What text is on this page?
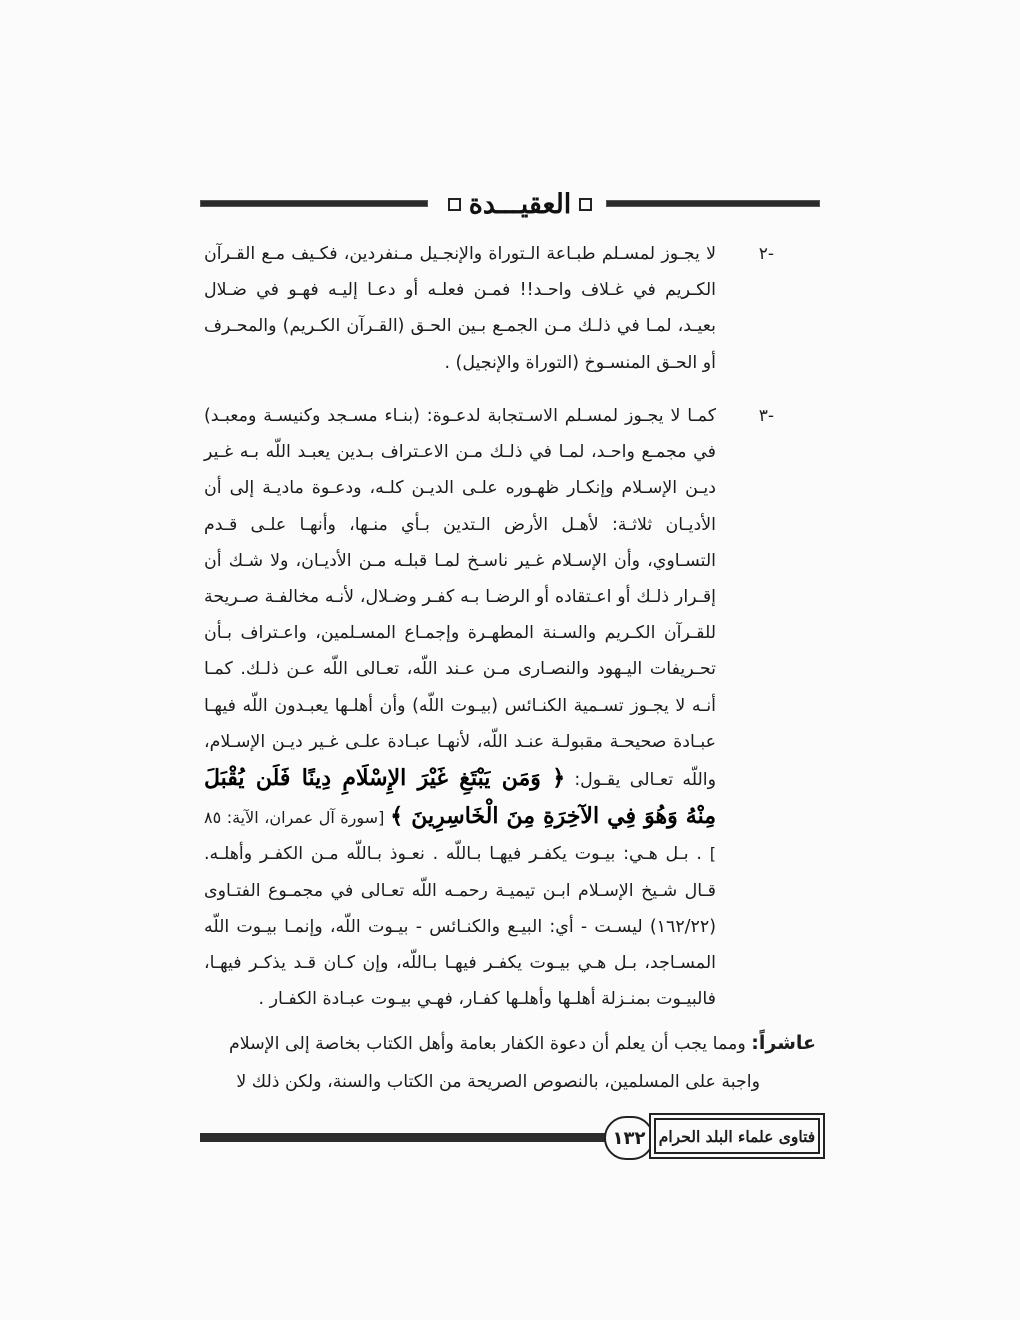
العقيـــدة
-٢

لا يجـوز لمسـلم طبـاعة الـتوراة والإنجـيل مـنفردين، فكـيف مـع القـرآن الكـريم في غـلاف واحـد!! فمـن فعلـه أو دعـا إليـه فهـو في ضـلال بعيـد، لمـا في ذلـك مـن الجمـع بـين الحـق (القـرآن الكـريم) والمحـرف أو الحـق المنسـوخ (التوراة والإنجيل) .

-٣

كمـا لا يجـوز لمسـلم الاسـتجابة لدعـوة: (بنـاء مسـجد وكنيسـة ومعبـد) في مجمـع واحـد، لمـا في ذلـك مـن الاعـتراف بـدين يعبـد اللّه بـه غـير ديـن الإسـلام وإنكـار ظهـوره علـى الديـن كلـه، ودعـوة ماديـة إلى أن الأديـان ثلاثـة: لأهـل الأرض الـتدين بـأي منـها، وأنهـا علـى قـدم التسـاوي، وأن الإسـلام غـير ناسـخ لمـا قبلـه مـن الأديـان، ولا شـك أن إقـرار ذلـك أو اعـتقاده أو الرضـا بـه كفـر وضـلال، لأنـه مخالفـة صـريحة للقـرآن الكـريم والسـنة المطهـرة وإجمـاع المسـلمين، واعـتراف بـأن تحـريفات اليـهود والنصـارى مـن عـند اللّه، تعـالى اللّه عـن ذلـك. كمـا أنـه لا يجـوز تسـمية الكنـائس (بيـوت اللّه) وأن أهلـها يعبـدون اللّه فيهـا عبـادة صحيحـة مقبولـة عنـد اللّه، لأنهـا عبـادة علـى غـير ديـن الإسـلام، واللّه تعـالى يقـول: ﴿ وَمَن يَبْتَغِ غَيْرَ الإِسْلَامِ دِينًا فَلَن يُقْبَلَ مِنْهُ وَهُوَ فِي الآخِرَةِ مِنَ الْخَاسِرِينَ ﴾ [سورة آل عمران، الآية: ٨٥ ] . بـل هـي: بيـوت يكفـر فيهـا بـاللّه . نعـوذ بـاللّه مـن الكفـر وأهلـه. قـال شـيخ الإسـلام ابـن تيميـة رحمـه اللّه تعـالى في مجمـوع الفتـاوى (١٦٢/٢٢) ليسـت - أي: البيـع والكنـائس - بيـوت اللّه، وإنمـا بيـوت اللّه المسـاجد، بـل هـي بيـوت يكفـر فيهـا بـاللّه، وإن كـان قـد يذكـر فيهـا، فالبيـوت بمنـزلة أهلـها وأهلـها كفـار، فهـي بيـوت عبـادة الكفـار .

عاشراً: ومما يجب أن يعلم أن دعوة الكفار بعامة وأهل الكتاب بخاصة إلى الإسلام

واجبة على المسلمين، بالنصوص الصريحة من الكتاب والسنة، ولكن ذلك لا

١٣٢ فتاوى علماء البلد الحرام
